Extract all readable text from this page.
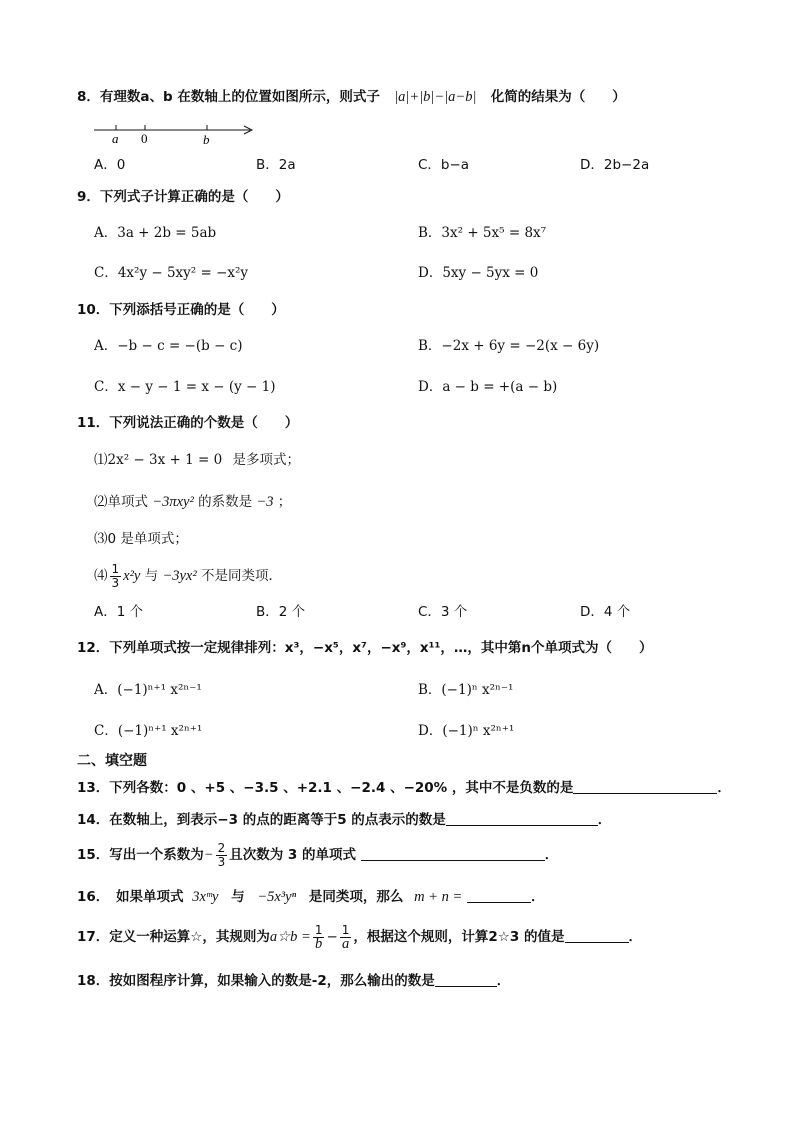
8．有理数a、b 在数轴上的位置如图所示，则式子 |a|+|b|−|a−b| 化简的结果为（　　）
a 0	b
A．0	B．2a	C．b−a	D．2b−2a
9．下列式子计算正确的是（　　）
A．3a + 2b = 5ab	B．3x² + 5x⁵ = 8x⁷
C．4x²y − 5xy² = −x²y	D．5xy − 5yx = 0
10．下列添括号正确的是（　　）
A．−b − c = −(b − c)	B．−2x + 6y = −2(x − 6y)
C．x − y − 1 = x − (y − 1)	D．a − b = +(a − b)
11．下列说法正确的个数是（　　）
⑴2x² − 3x + 1 = 0 是多项式；
⑵单项式 −3πxy² 的系数是 −3 ；
⑶0 是单项式；
⑷ $\frac{1}{3} x^2y$ 与 −3yx² 不是同类项．
A．1 个	B．2 个	C．3 个	D．4 个
12．下列单项式按一定规律排列：x³，−x⁵，x⁷，−x⁹，x¹¹，…，其中第n个单项式为（　　）
A．(−1)ⁿ⁺¹ x²ⁿ⁻¹	B．(−1)ⁿ x²ⁿ⁻¹
C．(−1)ⁿ⁺¹ x²ⁿ⁺¹	D．(−1)ⁿ x²ⁿ⁺¹
二、填空题
13．下列各数：0 、+5 、−3.5 、+2.1 、−2.4 、−20% ，其中不是负数的是	．
14．在数轴上，到表示−3 的点的距离等于5 的点表示的数是	．
15．写出一个系数为− $\frac{2}{3}$ 且次数为 3 的单项式	．
16．　如果单项式 3xᵐy 与 −5x³yⁿ 是同类项，那么 m + n =	．
17．定义一种运算☆，其规则为a☆b = $\frac{1}{b} - \frac{1}{a}$ ，根据这个规则，计算2☆3 的值是	．
18．按如图程序计算，如果输入的数是-2，那么输出的数是	．
